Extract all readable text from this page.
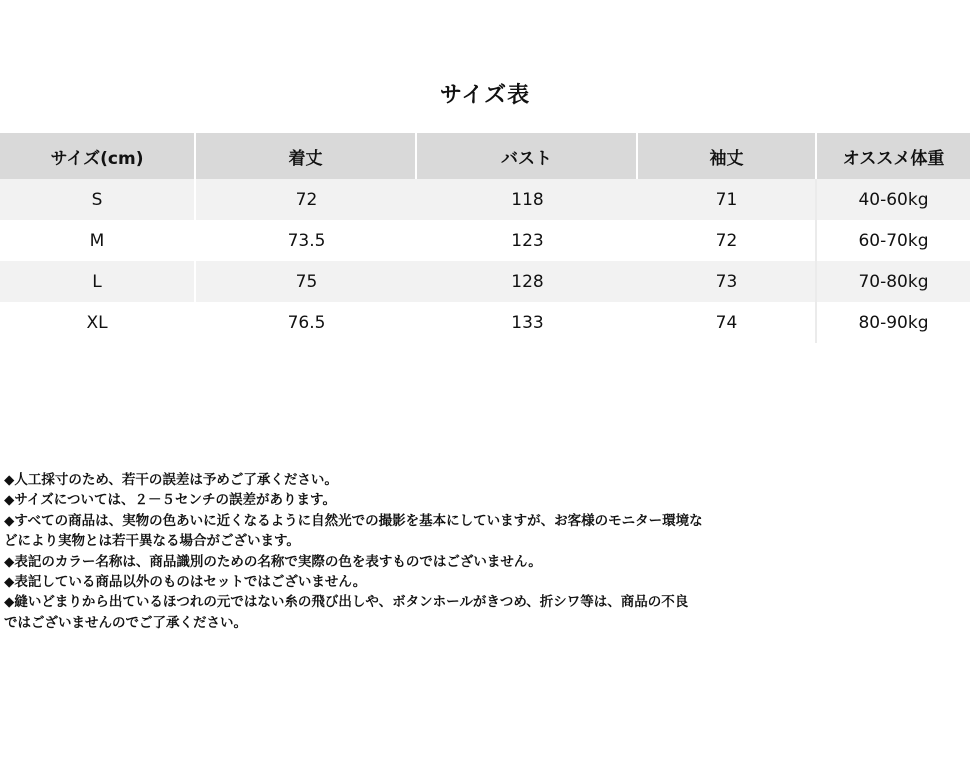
サイズ表
サイズ(cm)	着丈	バスト	袖丈	オススメ体重
S	72	118	71	40-60kg
M	73.5	123	72	60-70kg
L	75	128	73	70-80kg
XL	76.5	133	74	80-90kg
◆人工採寸のため、若干の誤差は予めご了承ください。
◆サイズについては、２－５センチの誤差があります。
◆すべての商品は、実物の色あいに近くなるように自然光での撮影を基本にしていますが、お客様のモニター環境な
どにより実物とは若干異なる場合がございます。
◆表記のカラー名称は、商品識別のための名称で実際の色を表すものではございません。
◆表記している商品以外のものはセットではございません。
◆縫いどまりから出ているほつれの元ではない糸の飛び出しや、ボタンホールがきつめ、折シワ等は、商品の不良
ではございませんのでご了承ください。
